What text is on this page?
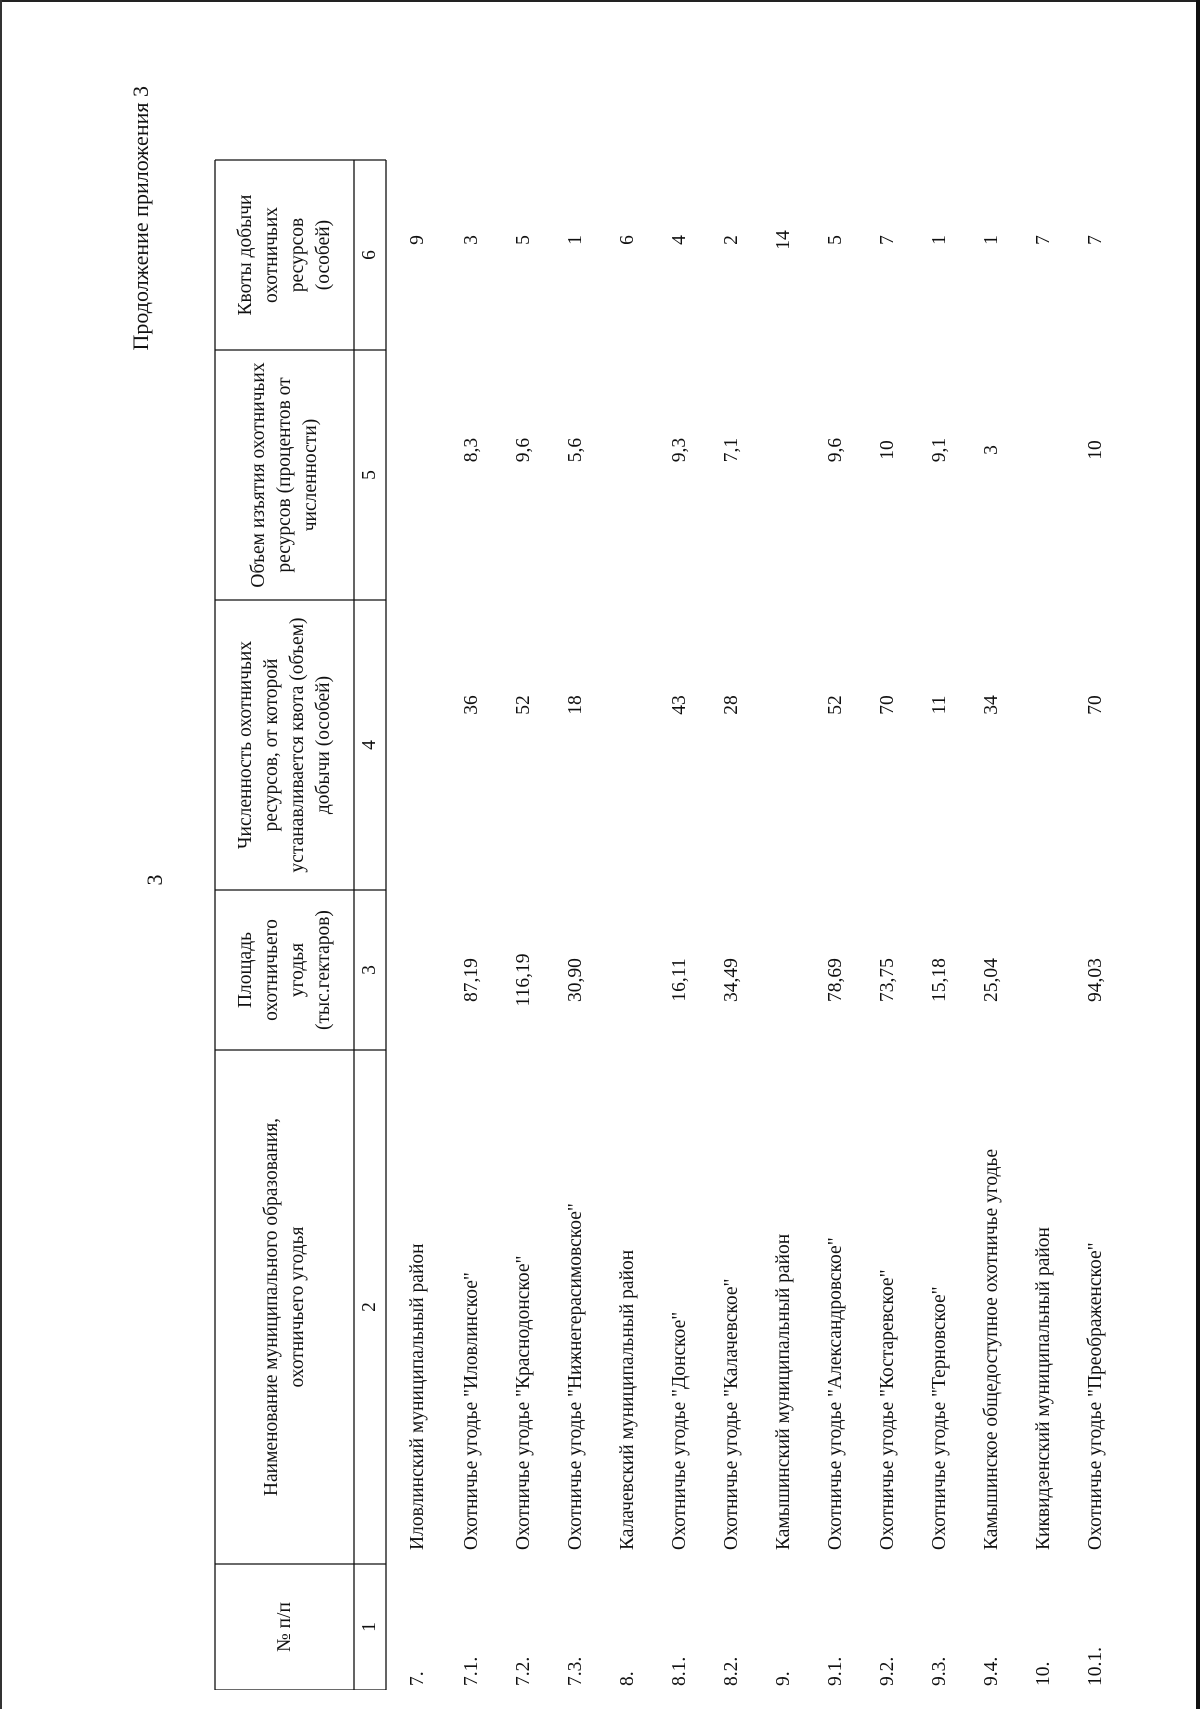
3
Продолжение приложения 3
№ п/п
Наименование муниципального образования, охотничьего угодья
Площадь охотничьего угодья (тыс.гектаров)
Численность охотничьих ресурсов, от которой устанавливается квота (объем) добычи (особей)
Объем изъятия охотничьих ресурсов (процентов от численности)
Квоты добычи охотничьих ресурсов (особей)
1
2
3
4
5
6
7.
Иловлинский муниципальный район
9
7.1.
Охотничье угодье "Иловлинское"
87,19
36
8,3
3
7.2.
Охотничье угодье "Краснодонское"
116,19
52
9,6
5
7.3.
Охотничье угодье "Нижнегерасимовское"
30,90
18
5,6
1
8.
Калачевский муниципальный район
6
8.1.
Охотничье угодье "Донское"
16,11
43
9,3
4
8.2.
Охотничье угодье "Калачевское"
34,49
28
7,1
2
9.
Камышинский муниципальный район
14
9.1.
Охотничье угодье "Александровское"
78,69
52
9,6
5
9.2.
Охотничье угодье "Костаревское"
73,75
70
10
7
9.3.
Охотничье угодье "Терновское"
15,18
11
9,1
1
9.4.
Камышинское общедоступное охотничье угодье
25,04
34
3
1
10.
Киквидзенский муниципальный район
7
10.1.
Охотничье угодье "Преображенское"
94,03
70
10
7
